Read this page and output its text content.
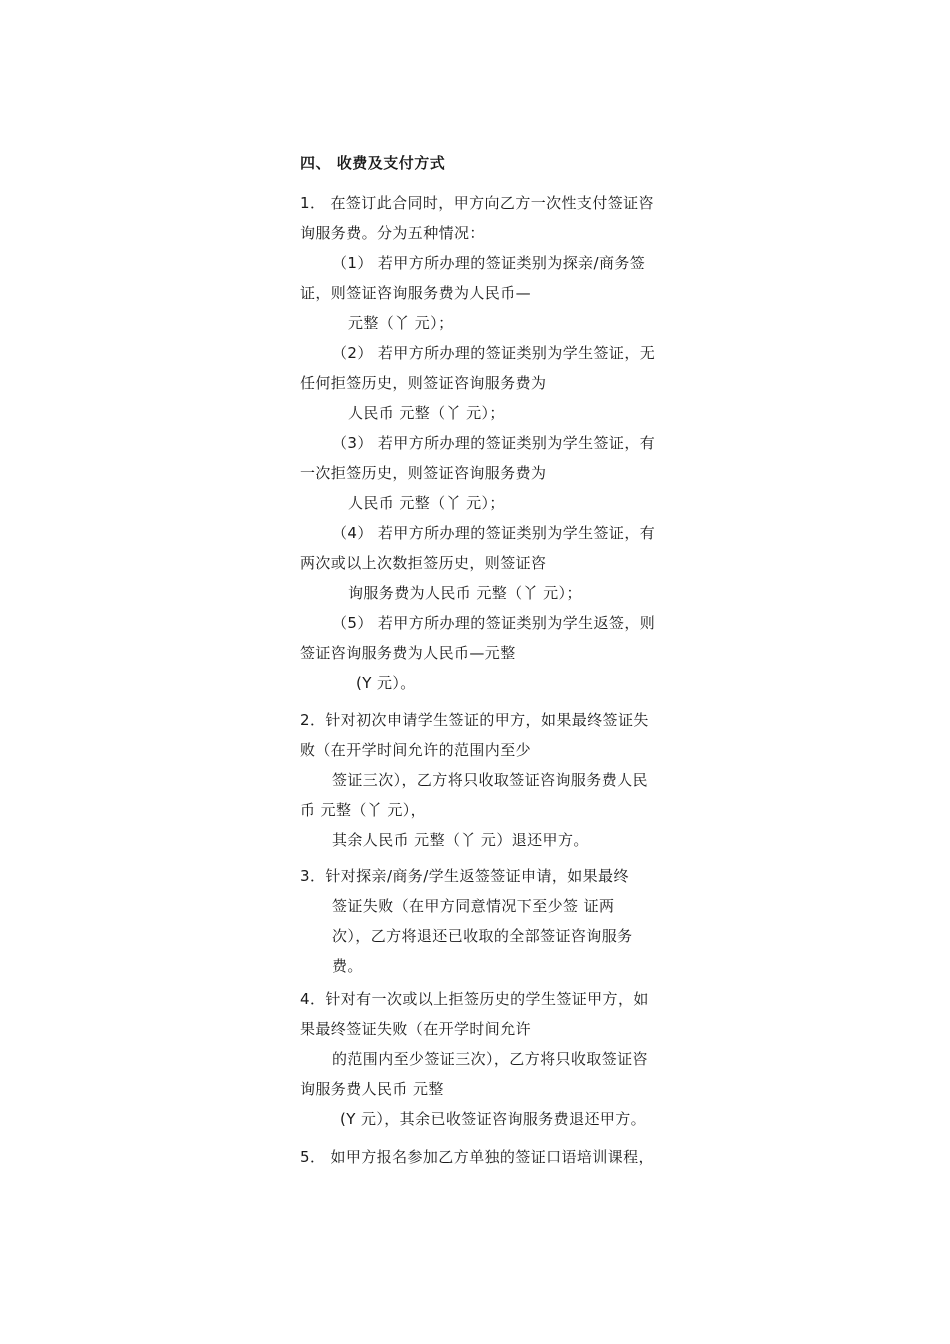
四、 收费及支付方式
1． 在签订此合同时，甲方向乙方一次性支付签证咨
询服务费。分为五种情况：
（1） 若甲方所办理的签证类别为探亲/商务签
证，则签证咨询服务费为人民币—
元整（丫 元）；
（2） 若甲方所办理的签证类别为学生签证，无
任何拒签历史，则签证咨询服务费为
人民币 元整（丫 元）；
（3） 若甲方所办理的签证类别为学生签证，有
一次拒签历史，则签证咨询服务费为
人民币 元整（丫 元）；
（4） 若甲方所办理的签证类别为学生签证，有
两次或以上次数拒签历史，则签证咨
询服务费为人民币 元整（丫 元）；
（5） 若甲方所办理的签证类别为学生返签，则
签证咨询服务费为人民币—元整
(Y 元）。
2．针对初次申请学生签证的甲方，如果最终签证失
败（在开学时间允许的范围内至少
签证三次），乙方将只收取签证咨询服务费人民
币 元整（丫 元），
其余人民币 元整（丫 元）退还甲方。
3．针对探亲/商务/学生返签签证申请，如果最终
签证失败（在甲方同意情况下至少签 证两
次），乙方将退还已收取的全部签证咨询服务
费。
4．针对有一次或以上拒签历史的学生签证甲方，如
果最终签证失败（在开学时间允许
的范围内至少签证三次），乙方将只收取签证咨
询服务费人民币 元整
(Y 元），其余已收签证咨询服务费退还甲方。
5． 如甲方报名参加乙方单独的签证口语培训课程，
